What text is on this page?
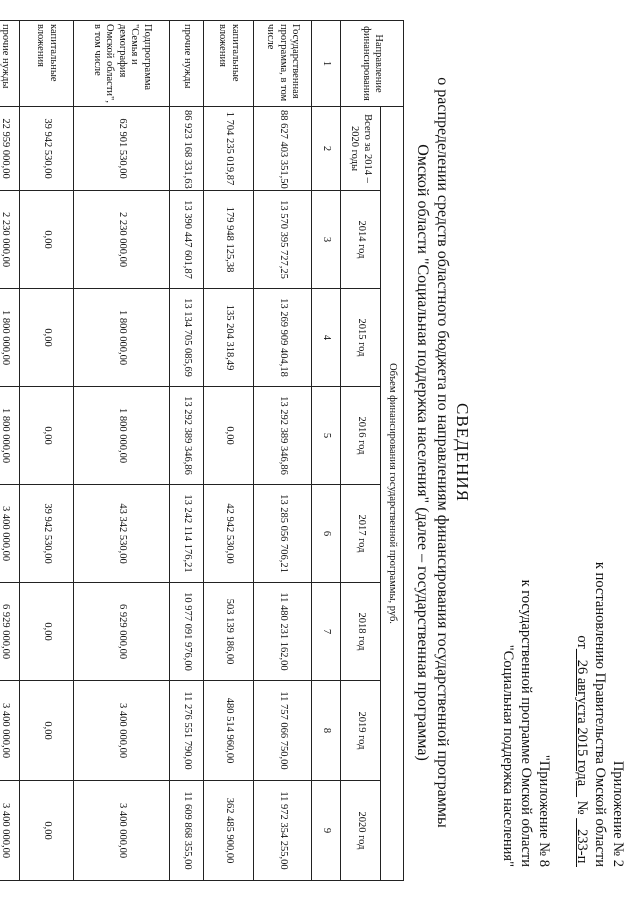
Приложение № 2
к постановлению Правительства Омской области
от   26 августа 2015 года    №    233-п
"Приложение № 8
к государственной программе Омской области
"Социальная поддержка населения"
СВЕДЕНИЯ
о распределении средств областного бюджета по направлениям финансирования государственной программы
Омской области "Социальная поддержка населения" (далее – государственная программа)
Направление финансирования	Объем финансирования государственной программы, руб.							
	Всего за 2014 – 2020 годы	2014 год	2015 год	2016 год	2017 год	2018 год	2019 год	2020 год
1	2	3	4	5	6	7	8	9
Государственная программа, в том числе	88 627 403 351,50	13 570 395 727,25	13 269 909 404,18	13 292 389 346,86	13 285 056 706,21	11 480 231 162,00	11 757 066 750,00	11 972 354 255,00
капитальные вложения	1 704 235 019,87	179 948 125,38	135 204 318,49	0,00	42 942 530,00	503 139 186,00	480 514 960,00	362 485 900,00
прочие нужды	86 923 168 331,63	13 390 447 601,87	13 134 705 085,69	13 292 389 346,86	13 242 114 176,21	10 977 091 976,00	11 276 551 790,00	11 609 868 355,00
Подпрограмма "Семья и демография Омской области", в том числе	62 901 530,00	2 230 000,00	1 800 000,00	1 800 000,00	43 342 530,00	6 929 000,00	3 400 000,00	3 400 000,00
капитальные вложения	39 942 530,00	0,00	0,00	0,00	39 942 530,00	0,00	0,00	0,00
прочие нужды	22 959 000,00	2 230 000,00	1 800 000,00	1 800 000,00	3 400 000,00	6 929 000,00	3 400 000,00	3 400 000,00
